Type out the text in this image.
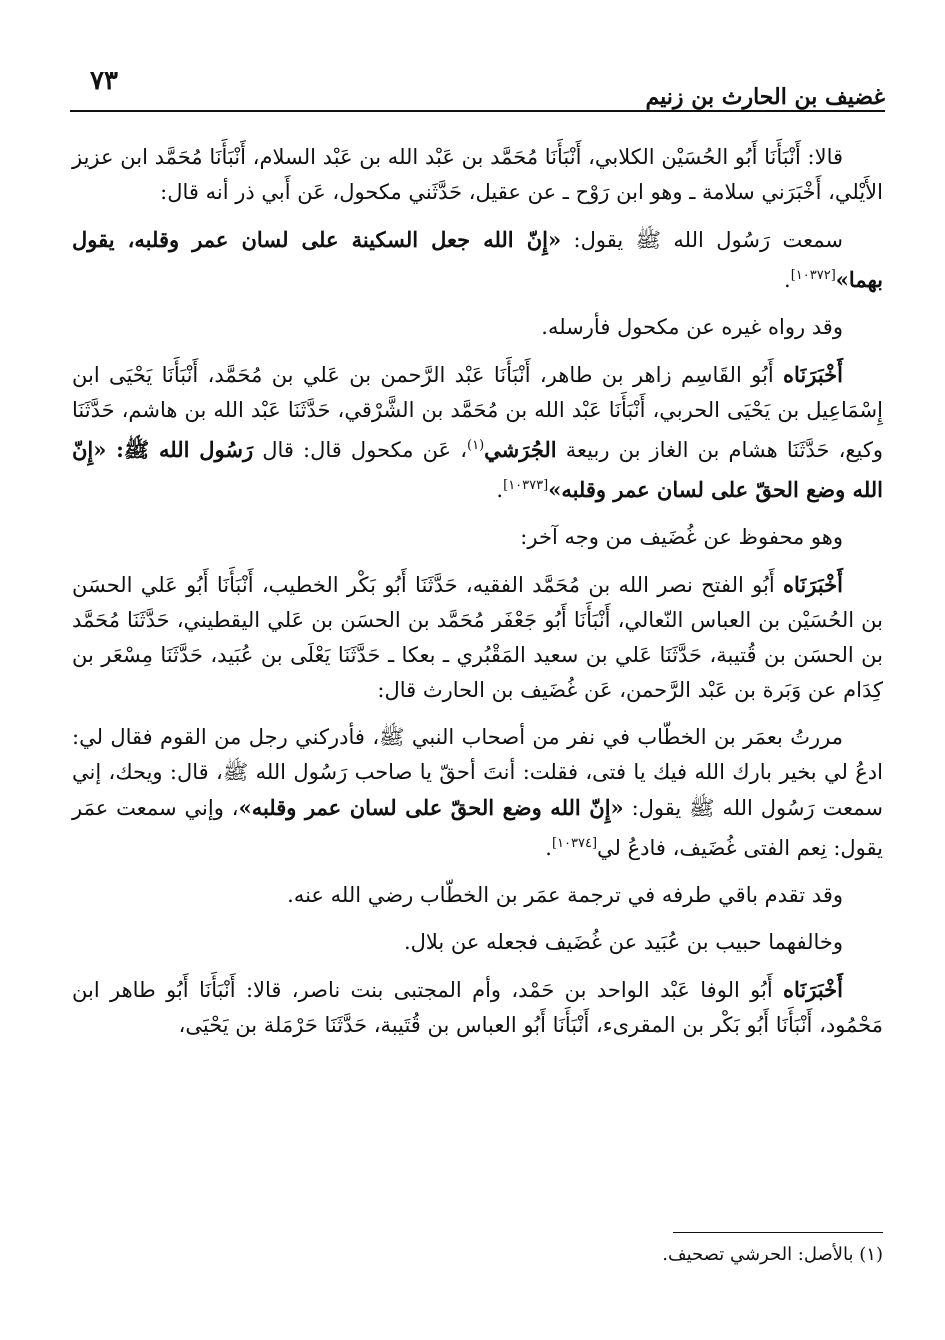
٧٣
غضيف بن الحارث بن زنيم

قالا: أَنْبَأَنَا أَبُو الحُسَيْن الكلابي، أَنْبَأَنَا مُحَمَّد بن عَبْد الله بن عَبْد السلام، أَنْبَأَنَا مُحَمَّد ابن عزيز الأَيْلي، أَخْبَرَني سلامة ـ وهو ابن رَوْح ـ عن عقيل، حَدَّثَني مكحول، عَن أَبي ذر أنه قال:

سمعت رَسُول الله ﷺ يقول: «إِنّ الله جعل السكينة على لسان عمر وقلبه، يقول بهما»[١٠٣٧٢].

وقد رواه غيره عن مكحول فأرسله.

أَخْبَرَنَاه أَبُو القَاسِم زاهر بن طاهر، أَنْبَأَنَا عَبْد الرَّحمن بن عَلي بن مُحَمَّد، أَنْبَأَنَا يَحْيَى ابن إِسْمَاعِيل بن يَحْيَى الحربي، أَنْبَأَنَا عَبْد الله بن مُحَمَّد بن الشَّرْقي، حَدَّثَنَا عَبْد الله بن هاشم، حَدَّثَنَا وكيع، حَدَّثَنَا هشام بن الغاز بن ربيعة الجُرَشي$^{(١)}$، عَن مكحول قال: قال رَسُول الله ﷺ: «إِنّ الله وضع الحقّ على لسان عمر وقلبه»[١٠٣٧٣].

وهو محفوظ عن غُضَيف من وجه آخر:

أَخْبَرَنَاه أَبُو الفتح نصر الله بن مُحَمَّد الفقيه، حَدَّثَنَا أَبُو بَكْر الخطيب، أَنْبَأَنَا أَبُو عَلي الحسَن بن الحُسَيْن بن العباس النّعالي، أَنْبَأَنَا أَبُو جَعْفَر مُحَمَّد بن الحسَن بن عَلي اليقطيني، حَدَّثَنَا مُحَمَّد بن الحسَن بن قُتيبة، حَدَّثَنَا عَلي بن سعيد المَقْبُري ـ بعكا ـ حَدَّثَنَا يَعْلَى بن عُبَيد، حَدَّثَنَا مِسْعَر بن كِدَام عن وَبَرة بن عَبْد الرَّحمن، عَن غُضَيف بن الحارث قال:

مررتُ بعمَر بن الخطّاب في نفر من أصحاب النبي ﷺ، فأدركني رجل من القوم فقال لي: ادعُ لي بخير بارك الله فيك يا فتى، فقلت: أنتَ أحقّ يا صاحب رَسُول الله ﷺ، قال: ويحك، إني سمعت رَسُول الله ﷺ يقول: «إِنّ الله وضع الحقّ على لسان عمر وقلبه»، وإني سمعت عمَر يقول: نِعم الفتى غُضَيف، فادعُ لي[١٠٣٧٤].

وقد تقدم باقي طرفه في ترجمة عمَر بن الخطّاب رضي الله عنه.

وخالفهما حبيب بن عُبَيد عن غُضَيف فجعله عن بلال.

أَخْبَرَنَاه أَبُو الوفا عَبْد الواحد بن حَمْد، وأم المجتبى بنت ناصر، قالا: أَنْبَأَنَا أَبُو طاهر ابن مَحْمُود، أَنْبَأَنَا أَبُو بَكْر بن المقرىء، أَنْبَأَنَا أَبُو العباس بن قُتَيبة، حَدَّثَنَا حَرْمَلة بن يَحْيَى،

(١) بالأصل: الحرشي تصحيف.
